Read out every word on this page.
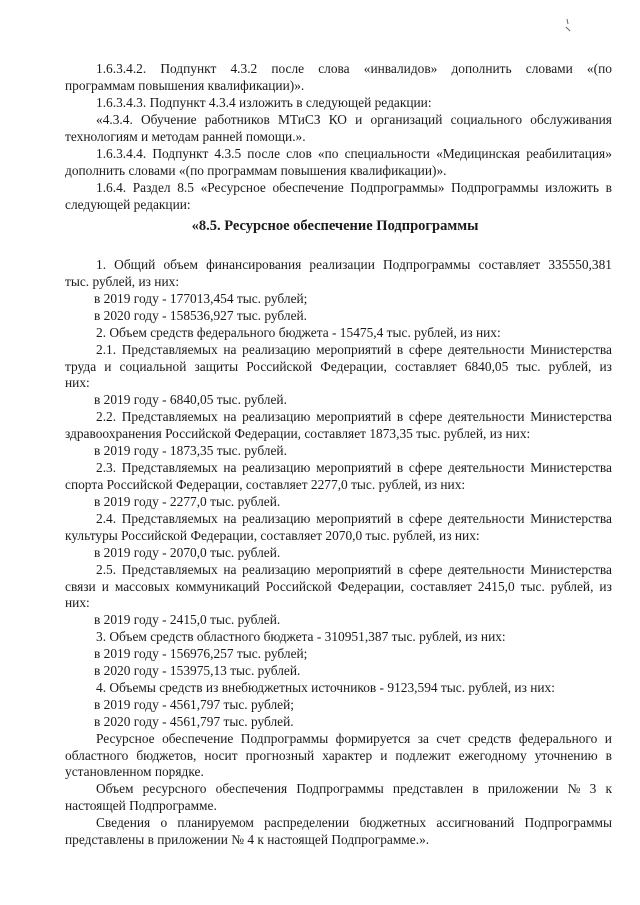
«8.5. Ресурсное обеспечение Подпрограммы
1.6.3.4.2. Подпункт 4.3.2 после слова «инвалидов» дополнить словами «(по
программам повышения квалификации)».
1.6.3.4.3. Подпункт 4.3.4 изложить в следующей редакции:
«4.3.4. Обучение работников МТиСЗ КО и организаций социального обслуживания
технологиям и методам ранней помощи.».
1.6.3.4.4. Подпункт 4.3.5 после слов «по специальности «Медицинская реабилитация»
дополнить словами «(по программам повышения квалификации)».
1.6.4. Раздел 8.5 «Ресурсное обеспечение Подпрограммы» Подпрограммы изложить в
следующей редакции:
1. Общий объем финансирования реализации Подпрограммы составляет 335550,381
тыс. рублей, из них:
в 2019 году - 177013,454 тыс. рублей;
в 2020 году - 158536,927 тыс. рублей.
2. Объем средств федерального бюджета - 15475,4 тыс. рублей, из них:
2.1. Представляемых на реализацию мероприятий в сфере деятельности Министерства
труда и социальной защиты Российской Федерации, составляет 6840,05 тыс. рублей, из
них:
в 2019 году - 6840,05 тыс. рублей.
2.2. Представляемых на реализацию мероприятий в сфере деятельности Министерства
здравоохранения Российской Федерации, составляет 1873,35 тыс. рублей, из них:
в 2019 году - 1873,35 тыс. рублей.
2.3. Представляемых на реализацию мероприятий в сфере деятельности Министерства
спорта Российской Федерации, составляет 2277,0 тыс. рублей, из них:
в 2019 году - 2277,0 тыс. рублей.
2.4. Представляемых на реализацию мероприятий в сфере деятельности Министерства
культуры Российской Федерации, составляет 2070,0 тыс. рублей, из них:
в 2019 году - 2070,0 тыс. рублей.
2.5. Представляемых на реализацию мероприятий в сфере деятельности Министерства
связи и массовых коммуникаций Российской Федерации, составляет 2415,0 тыс. рублей, из
них:
в 2019 году - 2415,0 тыс. рублей.
3. Объем средств областного бюджета - 310951,387 тыс. рублей, из них:
в 2019 году - 156976,257 тыс. рублей;
в 2020 году - 153975,13 тыс. рублей.
4. Объемы средств из внебюджетных источников - 9123,594 тыс. рублей, из них:
в 2019 году - 4561,797 тыс. рублей;
в 2020 году - 4561,797 тыс. рублей.
Ресурсное обеспечение Подпрограммы формируется за счет средств федерального и
областного бюджетов, носит прогнозный характер и подлежит ежегодному уточнению в
установленном порядке.
Объем ресурсного обеспечения Подпрограммы представлен в приложении № 3 к
настоящей Подпрограмме.
Сведения о планируемом распределении бюджетных ассигнований Подпрограммы
представлены в приложении № 4 к настоящей Подпрограмме.».
